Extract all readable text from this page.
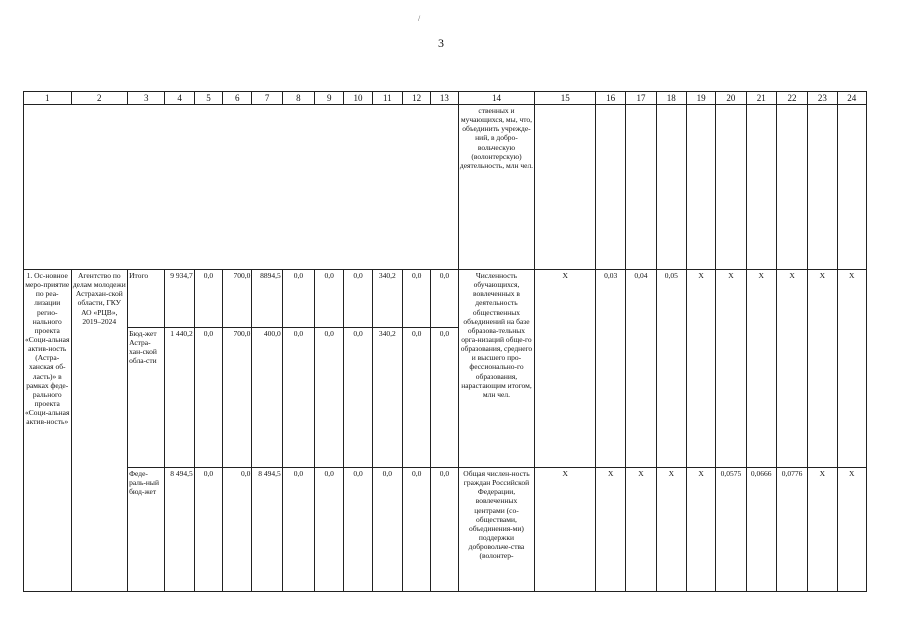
/
3
1	2	3	4	5	6	7	8	9	10	11	12	13	14	15	16	17	18	19	20	21	22	23	24
													ственных и мучающихся, мы, что, объединить учрежде-ний, в добро-вольческую (волонтерскую) деятельность, млн чел.										
1. Ос-новное меро-приятие по реа-лизации регио-нального проекта «Соци-альная актив-ность (Астра-ханская об-ласть)» в рамках феде-рального проекта «Соци-альная актив-ность»	Агентство по делам молодежи Астрахан-ской области, ГКУ АО «РЦВ», 2019–2024	Итого	9 934,7	0,0	700,0	8894,5	0,0	0,0	0,0	340,2	0,0	0,0	Численность обучающихся, вовлеченных в деятельность общественных объединений на базе образова-тельных орга-низаций обще-го образования, среднего и высшего про-фессионально-го образования, нарастающим итогом, млн чел.	X	0,03	0,04	0,05	X	X	X	X	X	X
		Бюд-жет Астра-хан-ской обла-сти	1 440,2	0,0	700,0	400,0	0,0	0,0	0,0	340,2	0,0	0,0											
		Феде-раль-ный бюд-жет	8 494,5	0,0	0,0	8 494,5	0,0	0,0	0,0	0,0	0,0	0,0	Общая числен-ность граждан Российской Федерации, вовлеченных центрами (со-обществами, объединения-ми) поддержки добровольче-ства (волонтер-	X	X	X	X	X	0,0575	0,0666	0,0776	X	X
